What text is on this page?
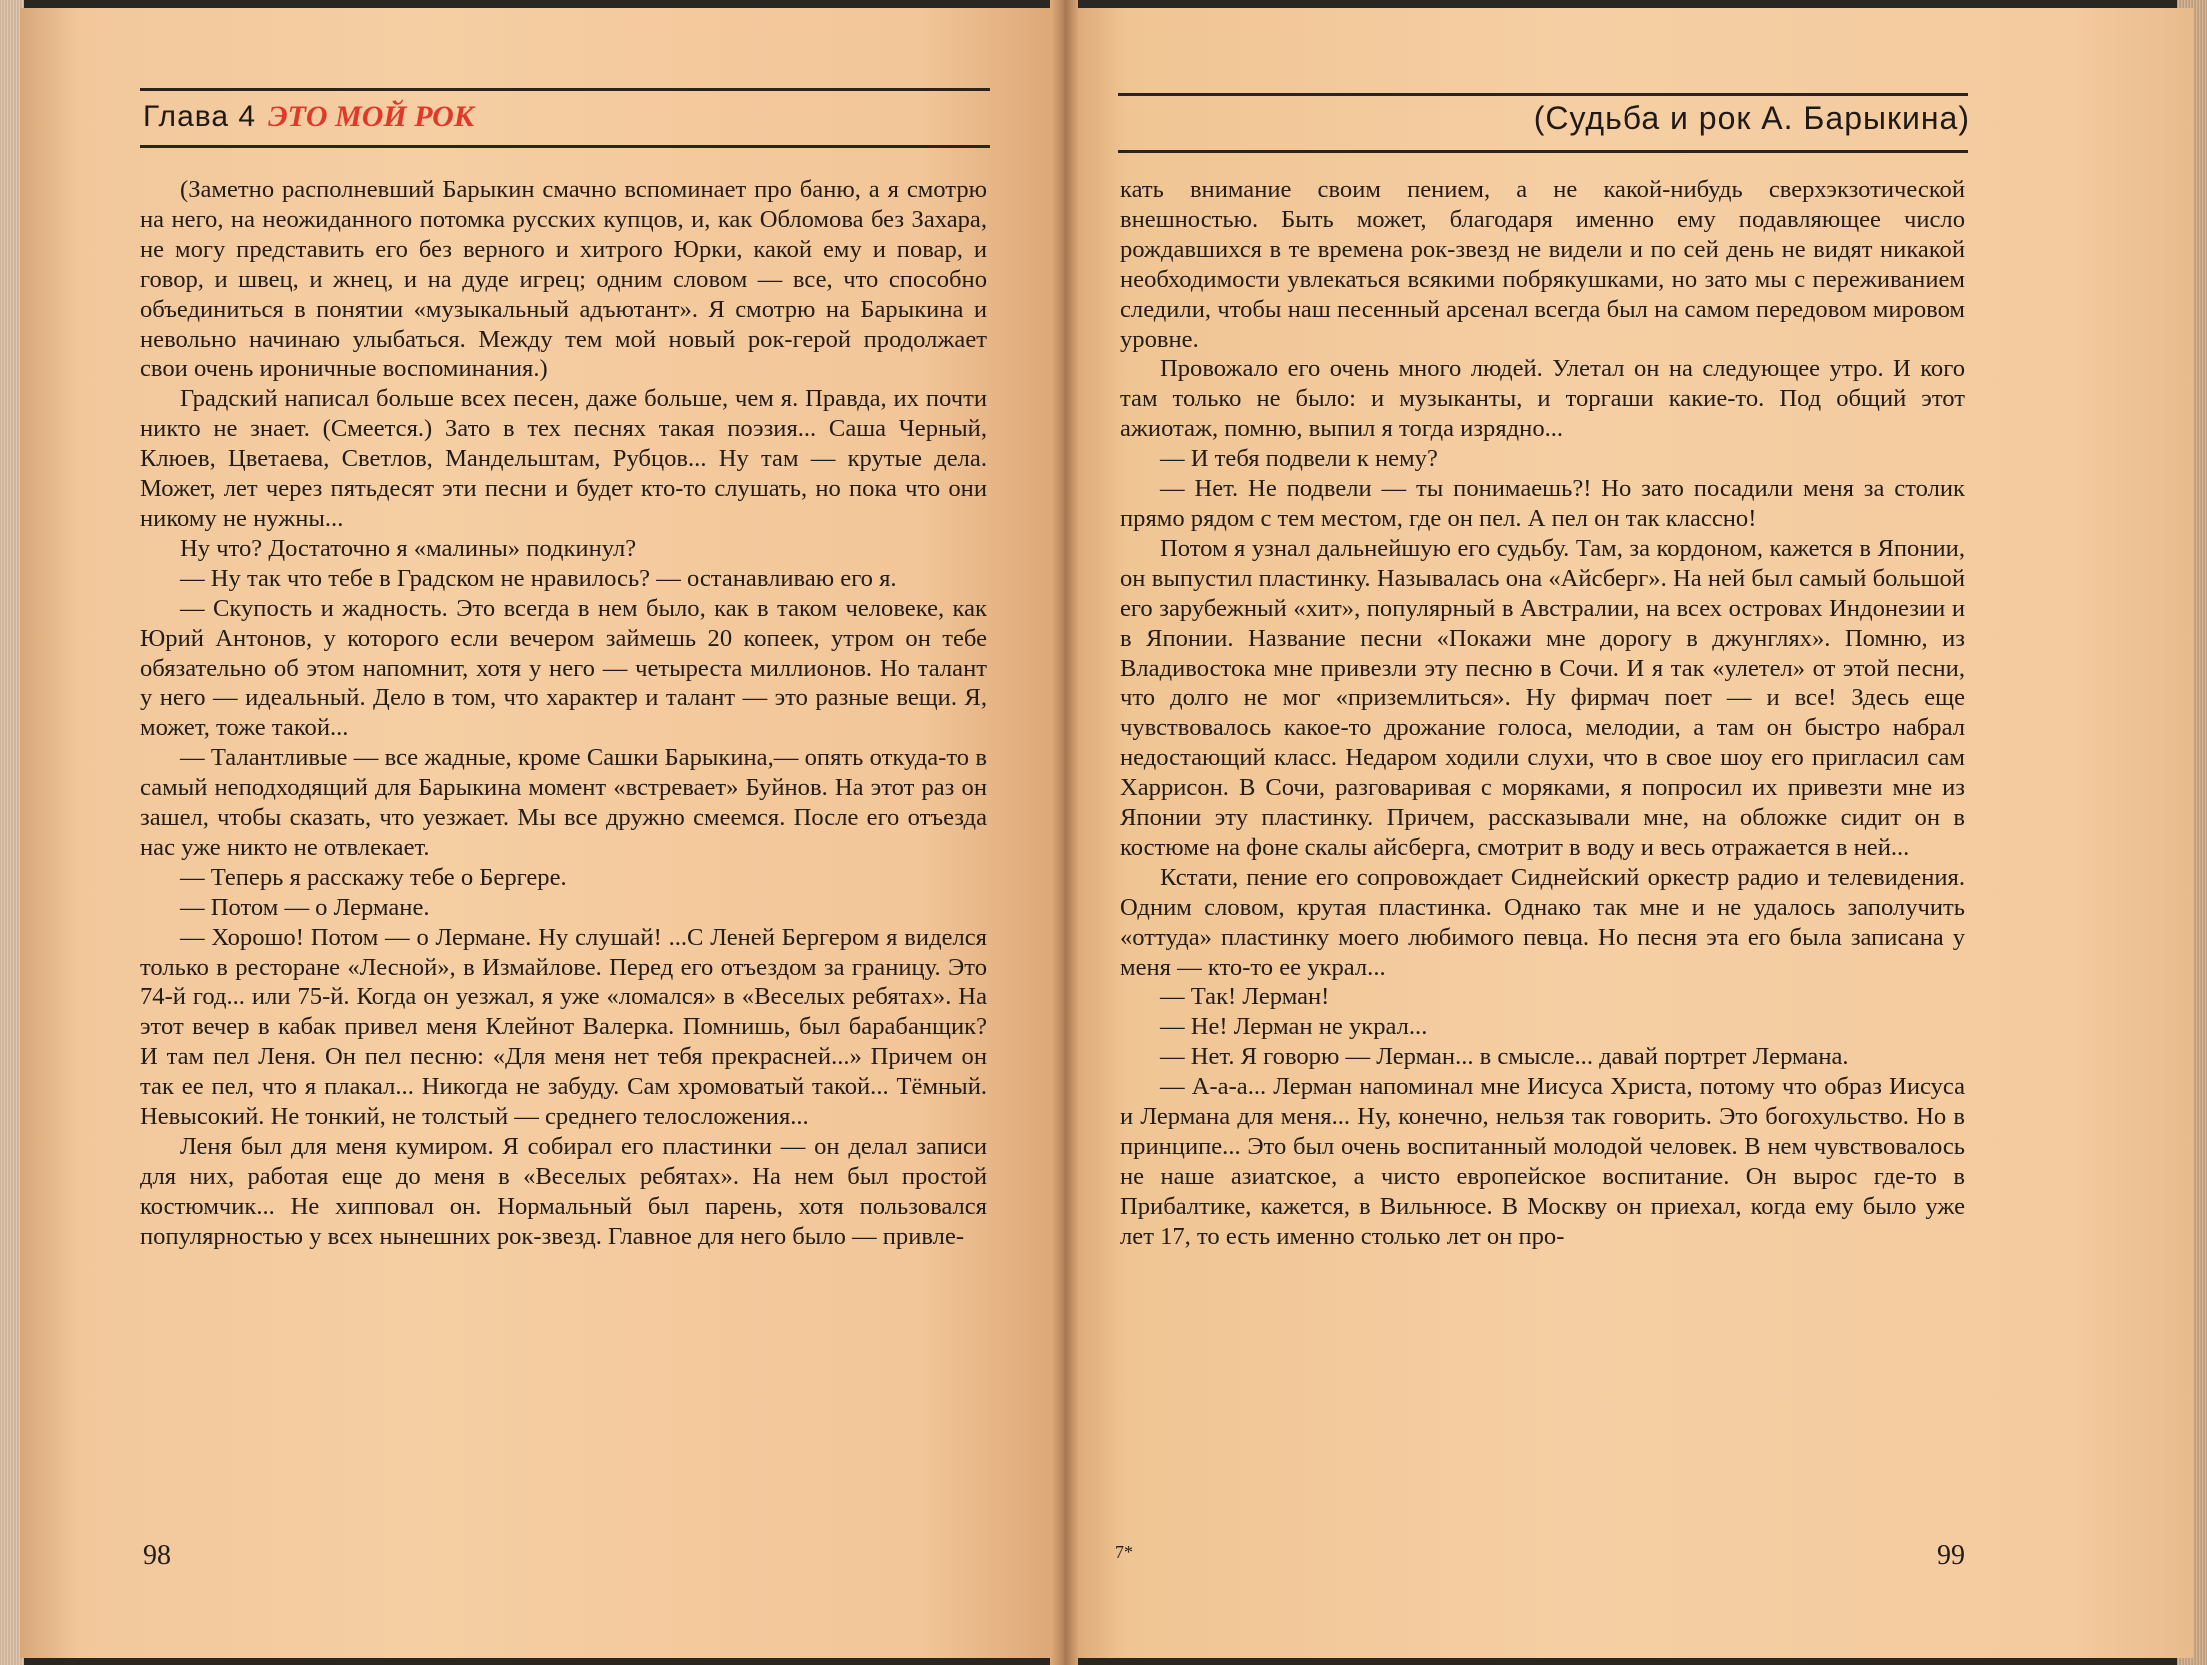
Глава 4 ЭТО МОЙ РОК	(Судьба и рок А. Барыкина)

(Заметно располневший Барыкин смачно вспоминает про баню, а я смотрю на него, на неожиданного потомка русских купцов, и, как Обломова без Захара, не могу представить его без верного и хитрого Юрки, какой ему и повар, и говор, и швец, и жнец, и на дуде игрец; одним словом — все, что способно объединиться в понятии «музыкальный адъютант». Я смотрю на Барыкина и невольно начинаю улыбаться. Между тем мой новый рок-герой продолжает свои очень ироничные воспоминания.)

Градский написал больше всех песен, даже больше, чем я. Правда, их почти никто не знает. (Смеется.) Зато в тех песнях такая поэзия... Саша Черный, Клюев, Цветаева, Светлов, Мандельштам, Рубцов... Ну там — крутые дела. Может, лет через пятьдесят эти песни и будет кто-то слушать, но пока что они никому не нужны...

Ну что? Достаточно я «малины» подкинул?

— Ну так что тебе в Градском не нравилось? — останавливаю его я.

— Скупость и жадность. Это всегда в нем было, как в таком человеке, как Юрий Антонов, у которого если вечером займешь 20 копеек, утром он тебе обязательно об этом напомнит, хотя у него — четыреста миллионов. Но талант у него — идеальный. Дело в том, что характер и талант — это разные вещи. Я, может, тоже такой...

— Талантливые — все жадные, кроме Сашки Барыкина,— опять откуда-то в самый неподходящий для Барыкина момент «встревает» Буйнов. На этот раз он зашел, чтобы сказать, что уезжает. Мы все дружно смеемся. После его отъезда нас уже никто не отвлекает.

— Теперь я расскажу тебе о Бергере.

— Потом — о Лермане.

— Хорошо! Потом — о Лермане. Ну слушай! ...С Леней Бергером я виделся только в ресторане «Лесной», в Измайлове. Перед его отъездом за границу. Это 74-й год... или 75-й. Когда он уезжал, я уже «ломался» в «Веселых ребятах». На этот вечер в кабак привел меня Клейнот Валерка. Помнишь, был барабанщик? И там пел Леня. Он пел песню: «Для меня нет тебя прекрасней...» Причем он так ее пел, что я плакал... Никогда не забуду. Сам хромоватый такой... Тёмный. Невысокий. Не тонкий, не толстый — среднего телосложения...

Леня был для меня кумиром. Я собирал его пластинки — он делал записи для них, работая еще до меня в «Веселых ребятах». На нем был простой костюмчик... Не хипповал он. Нормальный был парень, хотя пользовался популярностью у всех нынешних рок-звезд. Главное для него было — привле-

кать внимание своим пением, а не какой-нибудь сверхэкзотической внешностью. Быть может, благодаря именно ему подавляющее число рождавшихся в те времена рок-звезд не видели и по сей день не видят никакой необходимости увлекаться всякими побрякушками, но зато мы с переживанием следили, чтобы наш песенный арсенал всегда был на самом передовом мировом уровне.

Провожало его очень много людей. Улетал он на следующее утро. И кого там только не было: и музыканты, и торгаши какие-то. Под общий этот ажиотаж, помню, выпил я тогда изрядно...

— И тебя подвели к нему?

— Нет. Не подвели — ты понимаешь?! Но зато посадили меня за столик прямо рядом с тем местом, где он пел. А пел он так классно!

Потом я узнал дальнейшую его судьбу. Там, за кордоном, кажется в Японии, он выпустил пластинку. Называлась она «Айсберг». На ней был самый большой его зарубежный «хит», популярный в Австралии, на всех островах Индонезии и в Японии. Название песни «Покажи мне дорогу в джунглях». Помню, из Владивостока мне привезли эту песню в Сочи. И я так «улетел» от этой песни, что долго не мог «приземлиться». Ну фирмач поет — и все! Здесь еще чувствовалось какое-то дрожание голоса, мелодии, а там он быстро набрал недостающий класс. Недаром ходили слухи, что в свое шоу его пригласил сам Харрисон. В Сочи, разговаривая с моряками, я попросил их привезти мне из Японии эту пластинку. Причем, рассказывали мне, на обложке сидит он в костюме на фоне скалы айсберга, смотрит в воду и весь отражается в ней...

Кстати, пение его сопровождает Сиднейский оркестр радио и телевидения. Одним словом, крутая пластинка. Однако так мне и не удалось заполучить «оттуда» пластинку моего любимого певца. Но песня эта его была записана у меня — кто-то ее украл...

— Так! Лерман!

— Не! Лерман не украл...

— Нет. Я говорю — Лерман... в смысле... давай портрет Лермана.

— А-а-а... Лерман напоминал мне Иисуса Христа, потому что образ Иисуса и Лермана для меня... Ну, конечно, нельзя так говорить. Это богохульство. Но в принципе... Это был очень воспитанный молодой человек. В нем чувствовалось не наше азиатское, а чисто европейское воспитание. Он вырос где-то в Прибалтике, кажется, в Вильнюсе. В Москву он приехал, когда ему было уже лет 17, то есть именно столько лет он про-

98	7*	99
